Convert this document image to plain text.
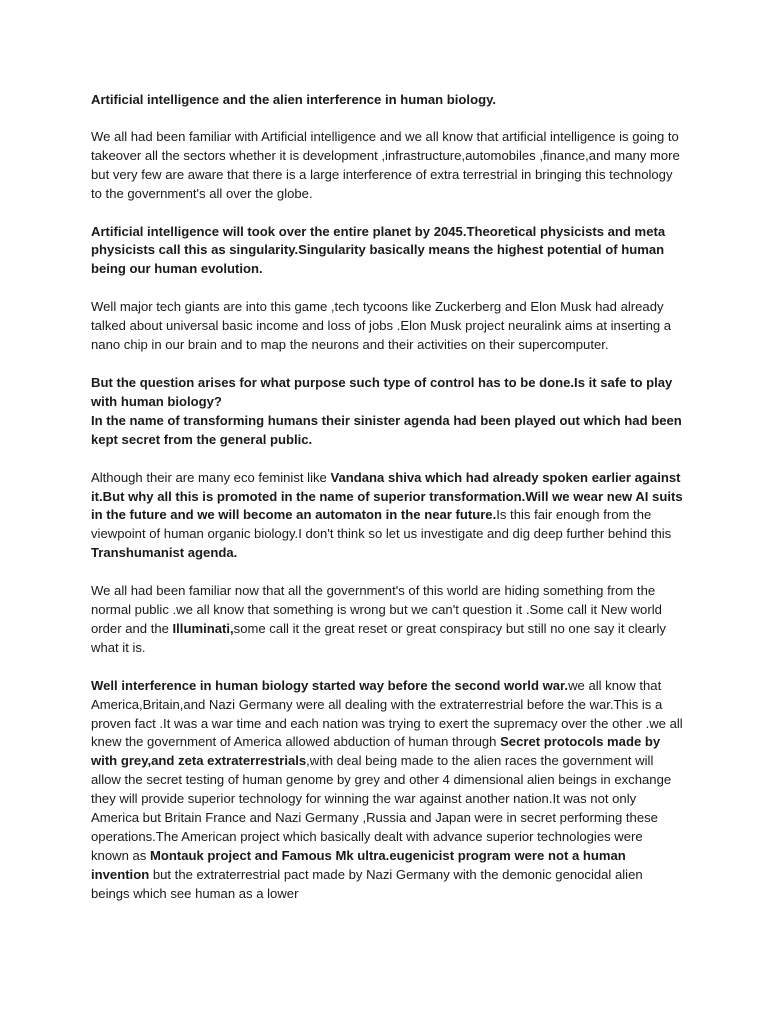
Artificial intelligence and the alien interference in human biology.

We all had been familiar with Artificial intelligence and we all know that artificial intelligence is going to takeover all the sectors whether it is development ,infrastructure,automobiles ,finance,and many more but very few are aware that there is a large interference of extra terrestrial in bringing this technology to the government's all over the globe.

Artificial intelligence will took over the entire planet by 2045.Theoretical physicists and meta physicists call this as singularity.Singularity basically means the highest potential of human being our human evolution.

Well major tech giants are into this game ,tech tycoons like Zuckerberg and Elon Musk had already talked about universal basic income and loss of jobs .Elon Musk project neuralink aims at inserting a nano chip in our brain and to map the neurons and their activities on their supercomputer.

But the question arises for what purpose such type of control has to be done.Is it safe to play with human biology?
In the name of transforming humans their sinister agenda had been played out which had been kept secret from the general public.

Although their are many eco feminist like Vandana shiva which had already spoken earlier against it.But why all this is promoted in the name of superior transformation.Will we wear new AI suits in the future and we will become an automaton in the near future.Is this fair enough from the viewpoint of human organic biology.I don't think so let us investigate and dig deep further behind this Transhumanist agenda.

We all had been familiar now that all the government's of this world are hiding something from the normal public .we all know that something is wrong but we can't question it .Some call it New world order and the Illuminati,some call it the great reset or great conspiracy but still no one say it clearly what it is.

Well interference in human biology started way before the second world war.we all know that America,Britain,and Nazi Germany were all dealing with the extraterrestrial before the war.This is a proven fact .It was a war time and each nation was trying to exert the supremacy over the other .we all knew the government of America allowed abduction of human through Secret protocols made by with grey,and zeta extraterrestrials,with deal being made to the alien races the government will allow the secret testing of human genome by grey and other 4 dimensional alien beings in exchange they will provide superior technology for winning the war against another nation.It was not only America but Britain France and Nazi Germany ,Russia and Japan were in secret performing these operations.The American project which basically dealt with advance superior technologies were known as Montauk project and Famous Mk ultra.eugenicist program were not a human invention but the extraterrestrial pact made by Nazi Germany with the demonic genocidal alien beings which see human as a lower
